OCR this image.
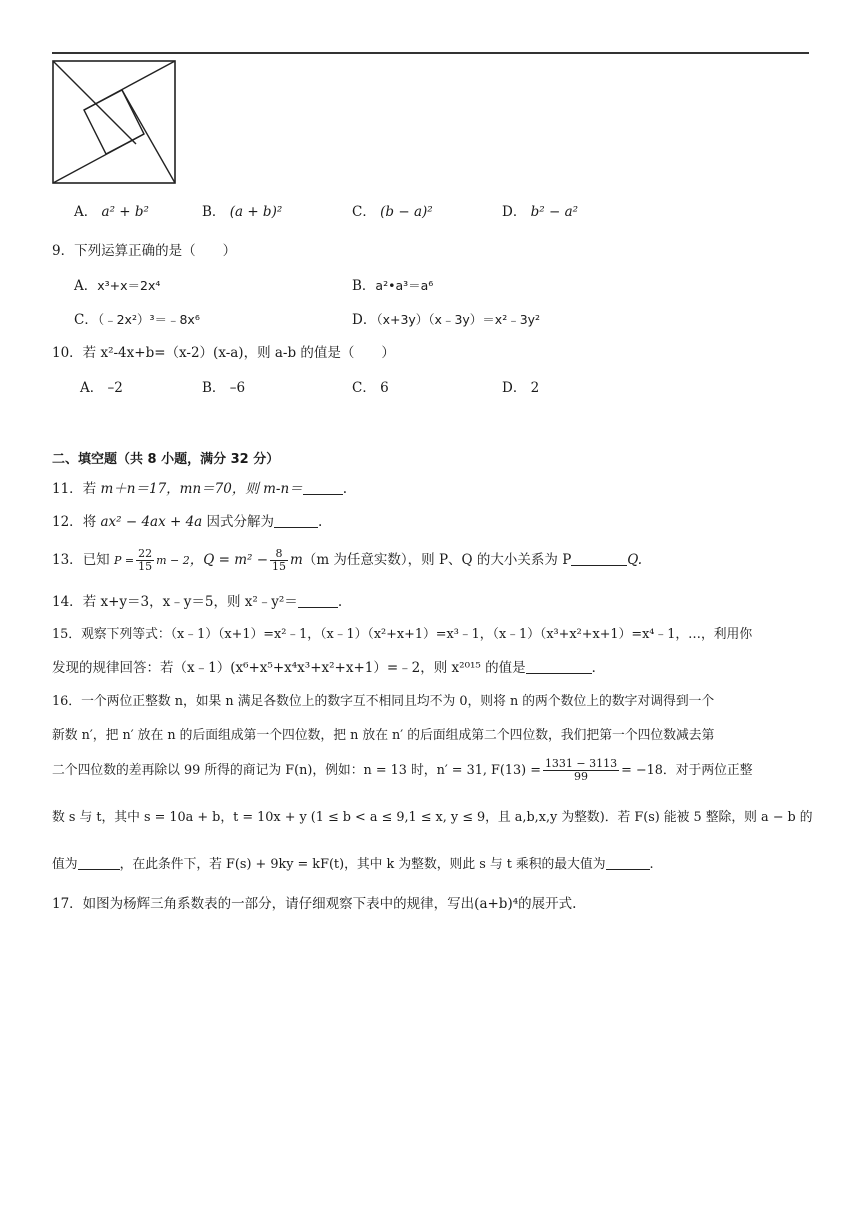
A． a² + b²	B． (a + b)²	C． (b − a)²	D． b² − a²
9．下列运算正确的是（　　）
A．x³+x＝2x⁴	B．a²•a³＝a⁶
C．（﹣2x²）³＝﹣8x⁶	D．（x+3y）（x﹣3y）＝x²﹣3y²
10．若 x²-4x+b=（x-2）(x-a)，则 a-b 的值是（　　）
A． –2	B． –6	C． 6	D． 2
二、填空题（共 8 小题，满分 32 分）
11．若 m＋n＝17，mn＝70，则 m-n＝	.
12．将 ax² − 4ax + 4a 因式分解为	.
13．已知 $P = \frac{22}{15}$ m − 2，$Q = m^2 - \frac{8}{15} m(m$ 为任意实数），则 P、Q 的大小关系为 P	Q.
14．若 x+y＝3，x﹣y＝5，则 x²﹣y²＝	.
15．观察下列等式：（x﹣1）（x+1）=x²﹣1，（x﹣1）（x²+x+1）=x³﹣1，（x﹣1）（x³+x²+x+1）=x⁴﹣1，…，利用你
发现的规律回答：若（x﹣1）(x⁶+x⁵+x⁴x³+x²+x+1）=﹣2，则 x²⁰¹⁵ 的值是	．
16．一个两位正整数 n，如果 n 满足各数位上的数字互不相同且均不为 0，则将 n 的两个数位上的数字对调得到一个
新数 n′，把 n′ 放在 n 的后面组成第一个四位数，把 n 放在 n′ 的后面组成第二个四位数，我们把第一个四位数减去第
二个四位数的差再除以 99 所得的商记为 F(n)，例如：n = 13 时，n′ = 31, $F(13) = \frac{1331 - 3113}{99} = -18$．对于两位正整
数 s 与 t，其中 s = 10a + b，t = 10x + y (1 ≤ b < a ≤ 9,1 ≤ x, y ≤ 9，且 a,b,x,y 为整数)．若 F(s) 能被 5 整除，则 a − b 的
值为	，在此条件下，若 F(s) + 9ky = kF(t)，其中 k 为整数，则此 s 与 t 乘积的最大值为	.
17．如图为杨辉三角系数表的一部分，请仔细观察下表中的规律，写出(a+b)⁴的展开式.
